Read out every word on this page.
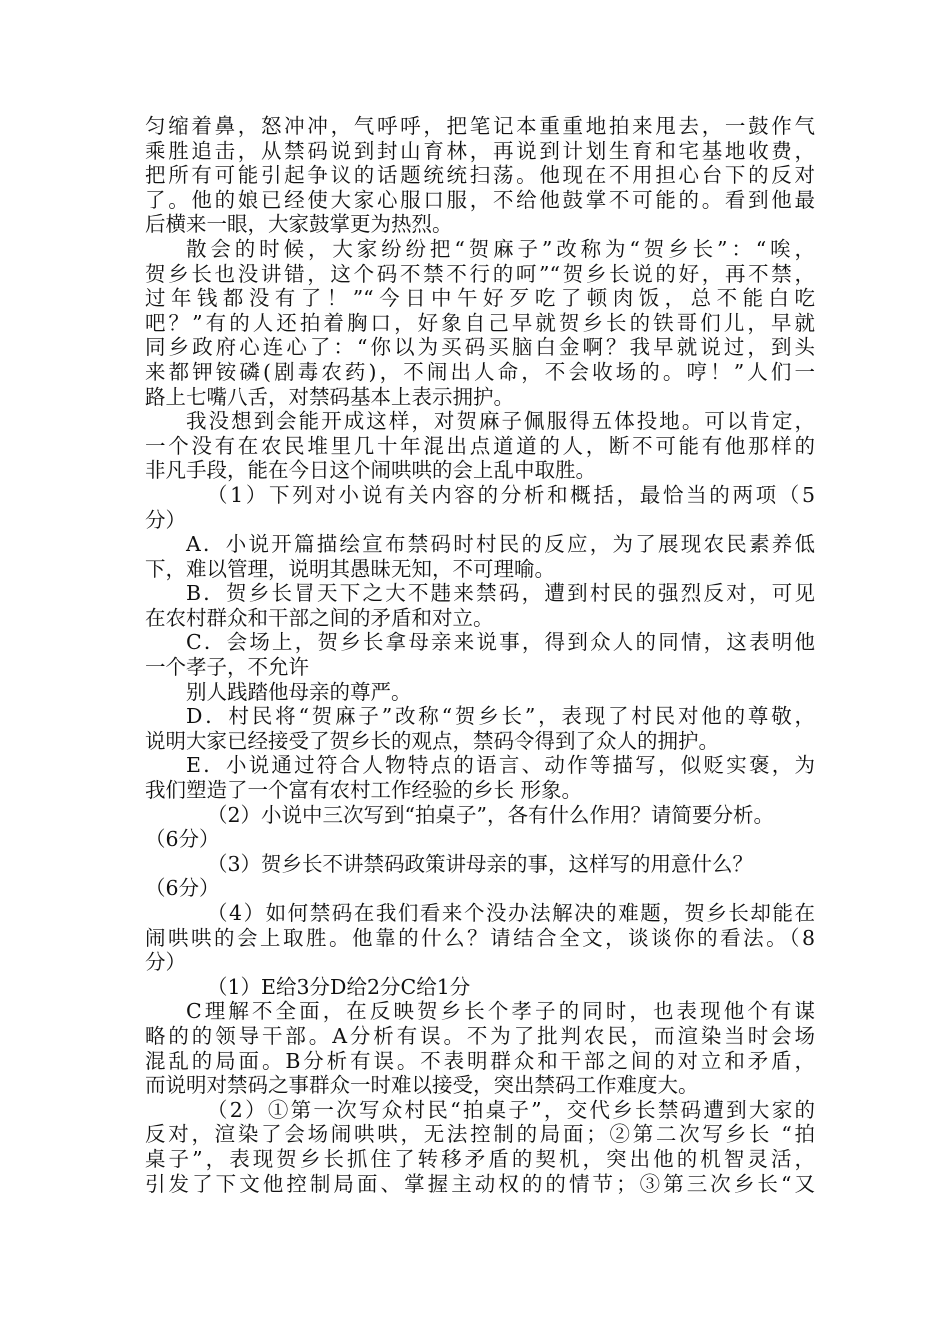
匀缩着鼻，怒冲冲，气呼呼，把笔记本重重地拍来甩去，一鼓作气
乘胜追击，从禁码说到封山育林，再说到计划生育和宅基地收费，
把所有可能引起争议的话题统统扫荡。他现在不用担心台下的反对
了。他的娘已经使大家心服口服，不给他鼓掌不可能的。看到他最
后横来一眼，大家鼓掌更为热烈。
散会的时候，大家纷纷把“贺麻子”改称为“贺乡长”：“唉，
贺乡长也没讲错，这个码不禁不行的呵”“贺乡长说的好，再不禁，
过年钱都没有了！”“今日中午好歹吃了顿肉饭，总不能白吃
吧？”有的人还拍着胸口，好象自己早就贺乡长的铁哥们儿，早就
同乡政府心连心了：“你以为买码买脑白金啊？我早就说过，到头
来都钾铵磷(剧毒农药)，不闹出人命，不会收场的。哼！”人们一
路上七嘴八舌，对禁码基本上表示拥护。
我没想到会能开成这样，对贺麻子佩服得五体投地。可以肯定，
一个没有在农民堆里几十年混出点道道的人，断不可能有他那样的
非凡手段，能在今日这个闹哄哄的会上乱中取胜。
（1）下列对小说有关内容的分析和概括，最恰当的两项（5
分）
A．小说开篇描绘宣布禁码时村民的反应，为了展现农民素养低
下，难以管理，说明其愚昧无知，不可理喻。
B．贺乡长冒天下之大不韪来禁码，遭到村民的强烈反对，可见
在农村群众和干部之间的矛盾和对立。
C．会场上，贺乡长拿母亲来说事，得到众人的同情，这表明他
一个孝子，不允许
别人践踏他母亲的尊严。
D．村民将“贺麻子”改称“贺乡长”，表现了村民对他的尊敬，
说明大家已经接受了贺乡长的观点，禁码令得到了众人的拥护。
E．小说通过符合人物特点的语言、动作等描写，似贬实褒，为
我们塑造了一个富有农村工作经验的乡长 形象。
（2）小说中三次写到“拍桌子”，各有什么作用？请简要分析。
（6分）
（3）贺乡长不讲禁码政策讲母亲的事，这样写的用意什么？
（6分）
（4）如何禁码在我们看来个没办法解决的难题，贺乡长却能在
闹哄哄的会上取胜。他靠的什么？请结合全文，谈谈你的看法。（8
分）
（1）E给3分D给2分C给1分
C理解不全面，在反映贺乡长个孝子的同时，也表现他个有谋
略的的领导干部。A分析有误。不为了批判农民，而渲染当时会场
混乱的局面。B分析有误。不表明群众和干部之间的对立和矛盾，
而说明对禁码之事群众一时难以接受，突出禁码工作难度大。
（2）①第一次写众村民“拍桌子”，交代乡长禁码遭到大家的
反对，渲染了会场闹哄哄，无法控制的局面；②第二次写乡长 “拍
桌子”，表现贺乡长抓住了转移矛盾的契机，突出他的机智灵活，
引发了下文他控制局面、掌握主动权的的情节；③第三次乡长“又
